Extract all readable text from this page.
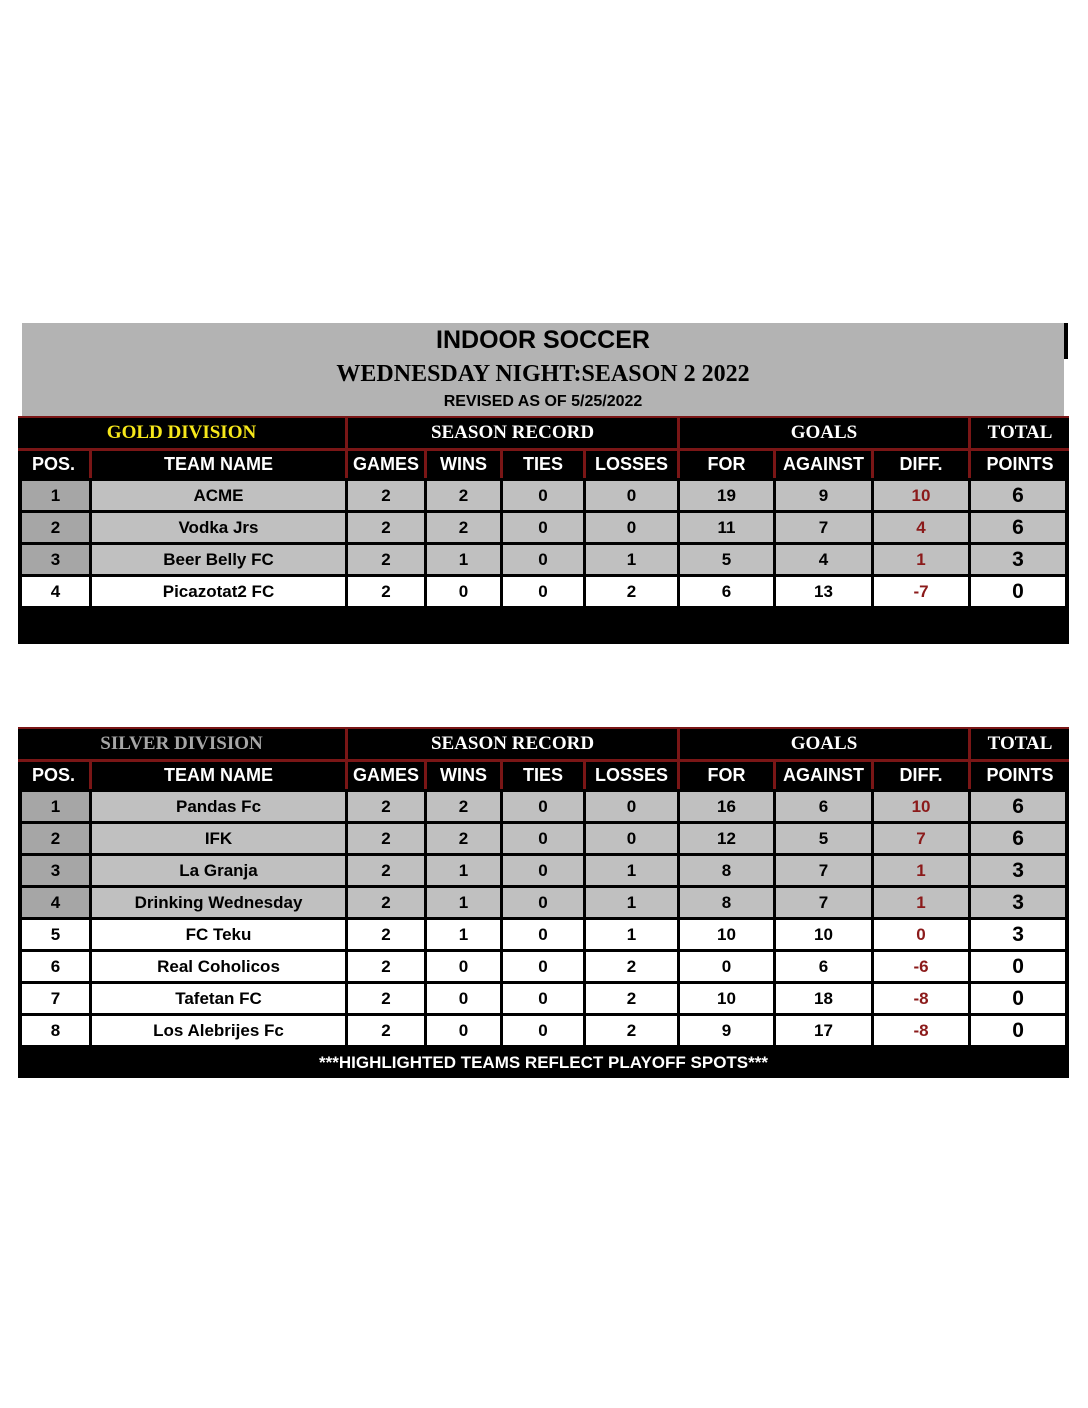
INDOOR SOCCER
WEDNESDAY NIGHT:SEASON 2 2022
REVISED AS OF 5/25/2022
GOLD DIVISION		SEASON RECORD				GOALS			TOTAL
POS.	TEAM NAME	GAMES	WINS	TIES	LOSSES	FOR	AGAINST	DIFF.	POINTS
1	ACME	2	2	0	0	19	9	10	6
2	Vodka Jrs	2	2	0	0	11	7	4	6
3	Beer Belly FC	2	1	0	1	5	4	1	3
4	Picazotat2 FC	2	0	0	2	6	13	-7	0

SILVER DIVISION		SEASON RECORD				GOALS			TOTAL
POS.	TEAM NAME	GAMES	WINS	TIES	LOSSES	FOR	AGAINST	DIFF.	POINTS
1	Pandas Fc	2	2	0	0	16	6	10	6
2	IFK	2	2	0	0	12	5	7	6
3	La Granja	2	1	0	1	8	7	1	3
4	Drinking Wednesday	2	1	0	1	8	7	1	3
5	FC Teku	2	1	0	1	10	10	0	3
6	Real Coholicos	2	0	0	2	0	6	-6	0
7	Tafetan FC	2	0	0	2	10	18	-8	0
8	Los Alebrijes Fc	2	0	0	2	9	17	-8	0
***HIGHLIGHTED TEAMS REFLECT PLAYOFF SPOTS***									
